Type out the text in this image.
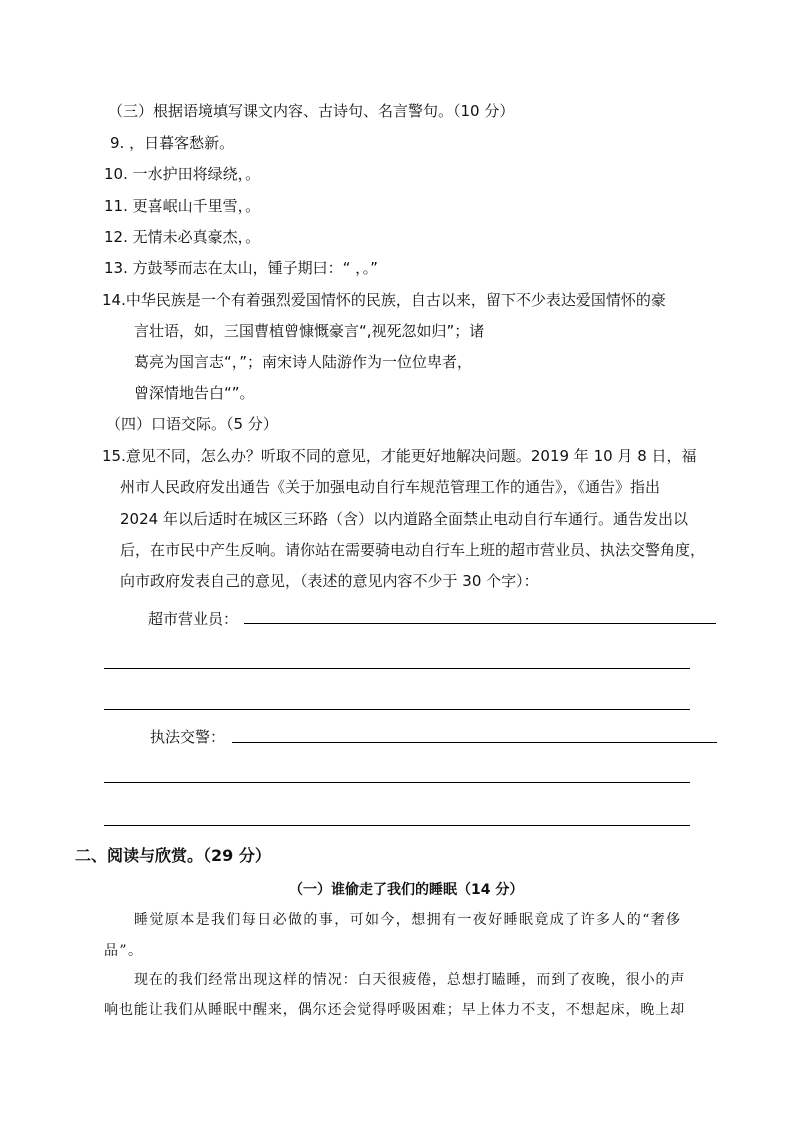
（三）根据语境填写课文内容、古诗句、名言警句。（10 分）
9. ，日暮客愁新。
10. 一水护田将绿绕，。
11. 更喜岷山千里雪，。
12. 无情未必真豪杰，。
13. 方鼓琴而志在太山，锺子期曰：“ ，。”
14.中华民族是一个有着强烈爱国情怀的民族，自古以来，留下不少表达爱国情怀的豪
言壮语，如，三国曹植曾慷慨豪言“,视死忽如归”；诸
葛亮为国言志“，”；南宋诗人陆游作为一位位卑者，
曾深情地告白“”。
（四）口语交际。（5 分）
15.意见不同，怎么办？听取不同的意见，才能更好地解决问题。2019 年 10 月 8 日，福
州市人民政府发出通告《关于加强电动自行车规范管理工作的通告》，《通告》指出
2024 年以后适时在城区三环路（含）以内道路全面禁止电动自行车通行。通告发出以
后，在市民中产生反响。请你站在需要骑电动自行车上班的超市营业员、执法交警角度，
向市政府发表自己的意见，（表述的意见内容不少于 30 个字）：
超市营业员：
执法交警：
二、阅读与欣赏。（29 分）
（一）谁偷走了我们的睡眠（14 分）
睡觉原本是我们每日必做的事，可如今，想拥有一夜好睡眠竟成了许多人的“奢侈
品”。
现在的我们经常出现这样的情况：白天很疲倦，总想打瞌睡，而到了夜晚，很小的声
响也能让我们从睡眠中醒来，偶尔还会觉得呼吸困难；早上体力不支，不想起床，晚上却
